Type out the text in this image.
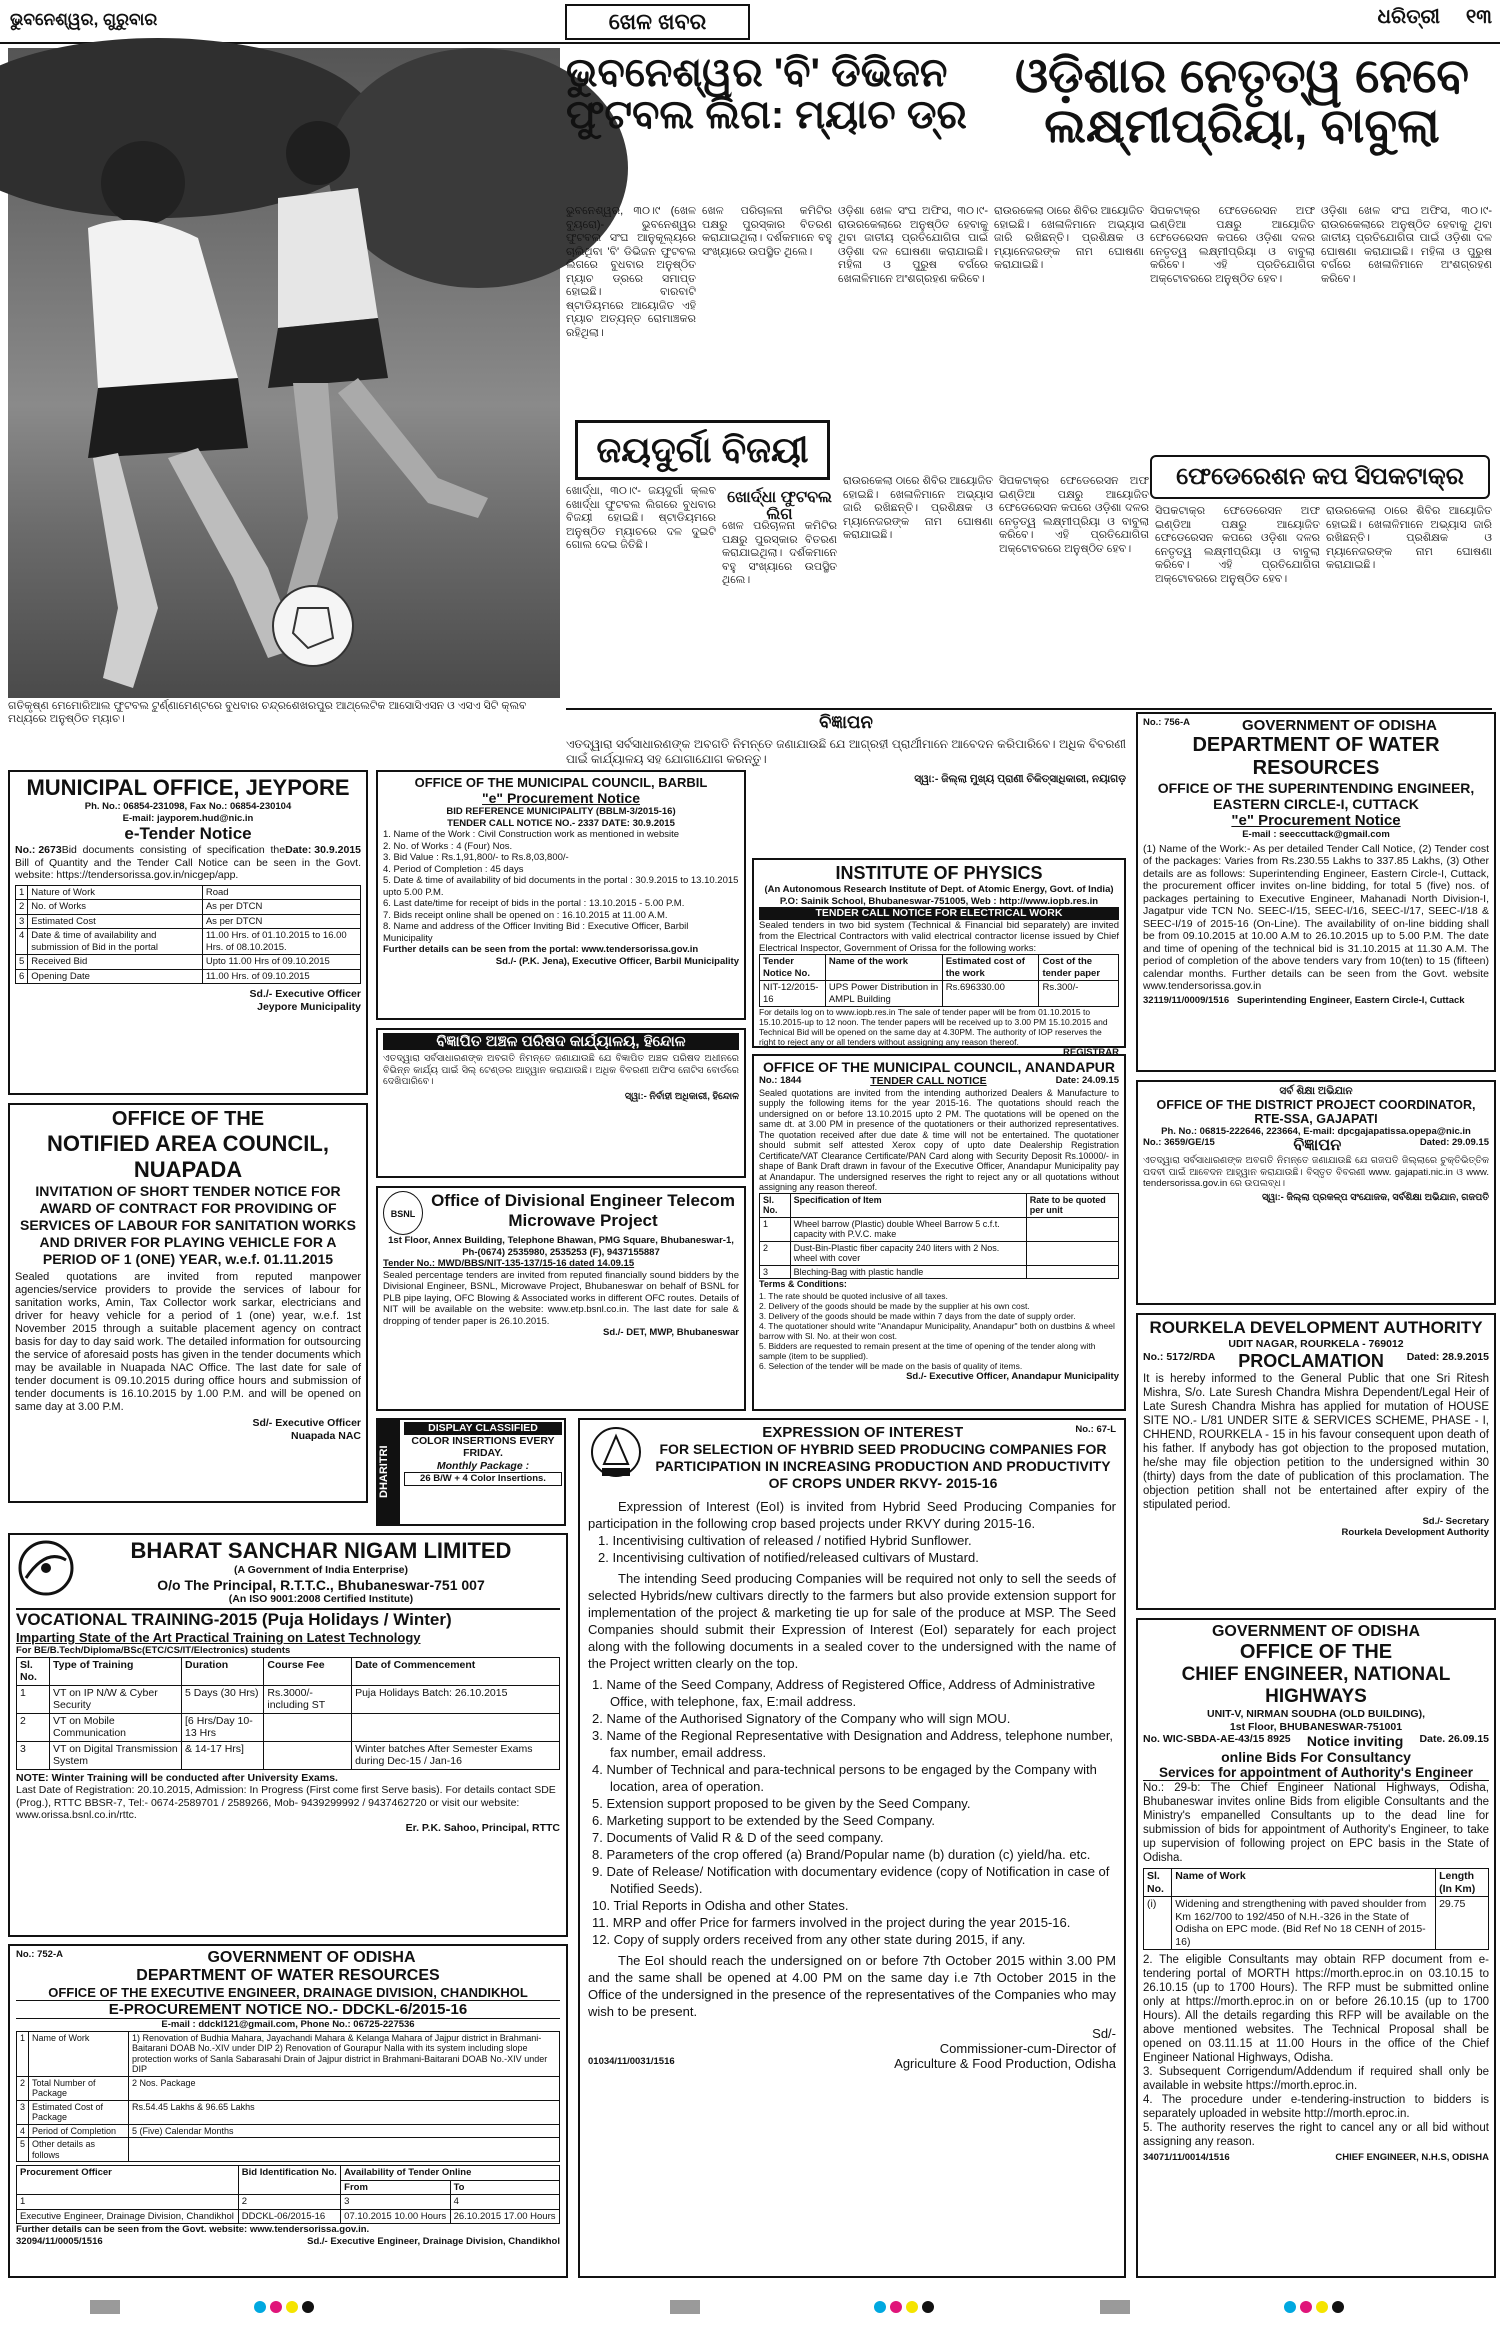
ଭୁବନେଶ୍ୱର, ଗୁରୁବାର	ଖେଳ ଖବର	ଧରିତ୍ରୀ ୧୩
ଗତିକୃଷ୍ଣ ମେମୋରିଆଲ ଫୁଟବଲ ଟୁର୍ଣ୍ଣାମେଣ୍ଟରେ ବୁଧବାର ଚନ୍ଦ୍ରଶେଖରପୁର ଆଥ୍ଲେଟିକ ଆସୋସିଏସନ ଓ ଏସଏ ସିଟି କ୍ଲବ ମଧ୍ୟରେ ଅନୁଷ୍ଠିତ ମ୍ୟାଚ।
ଭୁବନେଶ୍ୱର 'ବି' ଡିଭିଜନ ଫୁଟବଲ ଲିଗ: ମ୍ୟାଚ ଡ୍ର
ଓଡ଼ିଶାର ନେତୃତ୍ୱ ନେବେ ଲକ୍ଷ୍ମୀପ୍ରିୟା, ବାବୁଲା
ଭୁବନେଶ୍ୱର, ୩୦।୯ (ଖେଳ ବ୍ୟୁରୋ)- ଭୁବନେଶ୍ୱର ଫୁଟବଲ ସଂଘ ଆନୁକୂଲ୍ୟରେ ଚାଲିଥିବା 'ବି' ଡିଭିଜନ ଫୁଟବଲ ଲିଗରେ ବୁଧବାର ଅନୁଷ୍ଠିତ ମ୍ୟାଚ ଡ୍ରରେ ସମାପ୍ତ ହୋଇଛି। ବାରବାଟି ଷ୍ଟାଡିୟମରେ ଆୟୋଜିତ ଏହି ମ୍ୟାଚ ଅତ୍ୟନ୍ତ ରୋମାଞ୍ଚକର ରହିଥିଲା।
ଖେଳ ପରିଚାଳନା କମିଟିର ପକ୍ଷରୁ ପୁରସ୍କାର ବିତରଣ କରାଯାଇଥିଲା। ଦର୍ଶକମାନେ ବହୁ ସଂଖ୍ୟାରେ ଉପସ୍ଥିତ ଥିଲେ।
ଓଡ଼ିଶା ଖେଳ ସଂଘ ଅଫିସ, ୩୦।୯- ରାଉରକେଲାରେ ଅନୁଷ୍ଠିତ ହେବାକୁ ଥିବା ଜାତୀୟ ପ୍ରତିଯୋଗିତା ପାଇଁ ଓଡ଼ିଶା ଦଳ ଘୋଷଣା କରାଯାଇଛି। ମହିଳା ଓ ପୁରୁଷ ବର୍ଗରେ ଖେଳାଳିମାନେ ଅଂଶଗ୍ରହଣ କରିବେ।
ରାଉରକେଲା ଠାରେ ଶିବିର ଆୟୋଜିତ ହୋଇଛି। ଖେଳାଳିମାନେ ଅଭ୍ୟାସ ଜାରି ରଖିଛନ୍ତି। ପ୍ରଶିକ୍ଷକ ଓ ମ୍ୟାନେଜରଙ୍କ ନାମ ଘୋଷଣା କରାଯାଇଛି।
ସିପକଟାକ୍ର ଫେଡେରେସନ ଅଫ ଇଣ୍ଡିଆ ପକ୍ଷରୁ ଆୟୋଜିତ ଫେଡେରେସନ କପରେ ଓଡ଼ିଶା ଦଳର ନେତୃତ୍ୱ ଲକ୍ଷ୍ମୀପ୍ରିୟା ଓ ବାବୁଲା କରିବେ। ଏହି ପ୍ରତିଯୋଗିତା ଅକ୍ଟୋବରରେ ଅନୁଷ୍ଠିତ ହେବ।
ଓଡ଼ିଶା ଖେଳ ସଂଘ ଅଫିସ, ୩୦।୯- ରାଉରକେଲାରେ ଅନୁଷ୍ଠିତ ହେବାକୁ ଥିବା ଜାତୀୟ ପ୍ରତିଯୋଗିତା ପାଇଁ ଓଡ଼ିଶା ଦଳ ଘୋଷଣା କରାଯାଇଛି। ମହିଳା ଓ ପୁରୁଷ ବର୍ଗରେ ଖେଳାଳିମାନେ ଅଂଶଗ୍ରହଣ କରିବେ।
ଜୟଦୁର୍ଗା ବିଜୟୀ
ଖୋର୍ଦ୍ଧା, ୩୦।୯- ଜୟଦୁର୍ଗା କ୍ଲବ ଖୋର୍ଦ୍ଧା ଫୁଟବଲ ଲିଗରେ ବୁଧବାର ବିଜୟୀ ହୋଇଛି। ଷ୍ଟାଡିୟମରେ ଅନୁଷ୍ଠିତ ମ୍ୟାଚରେ ଦଳ ଦୁଇଟି ଗୋଲ ଦେଇ ଜିତିଛି।
ଖୋର୍ଦ୍ଧା ଫୁଟବଲ ଲିଗ
ଖେଳ ପରିଚାଳନା କମିଟିର ପକ୍ଷରୁ ପୁରସ୍କାର ବିତରଣ କରାଯାଇଥିଲା। ଦର୍ଶକମାନେ ବହୁ ସଂଖ୍ୟାରେ ଉପସ୍ଥିତ ଥିଲେ।
ରାଉରକେଲା ଠାରେ ଶିବିର ଆୟୋଜିତ ହୋଇଛି। ଖେଳାଳିମାନେ ଅଭ୍ୟାସ ଜାରି ରଖିଛନ୍ତି। ପ୍ରଶିକ୍ଷକ ଓ ମ୍ୟାନେଜରଙ୍କ ନାମ ଘୋଷଣା କରାଯାଇଛି।
ସିପକଟାକ୍ର ଫେଡେରେସନ ଅଫ ଇଣ୍ଡିଆ ପକ୍ଷରୁ ଆୟୋଜିତ ଫେଡେରେସନ କପରେ ଓଡ଼ିଶା ଦଳର ନେତୃତ୍ୱ ଲକ୍ଷ୍ମୀପ୍ରିୟା ଓ ବାବୁଲା କରିବେ। ଏହି ପ୍ରତିଯୋଗିତା ଅକ୍ଟୋବରରେ ଅନୁଷ୍ଠିତ ହେବ।
ଫେଡେରେଶନ କପ ସିପକଟାକ୍ର
ସିପକଟାକ୍ର ଫେଡେରେସନ ଅଫ ଇଣ୍ଡିଆ ପକ୍ଷରୁ ଆୟୋଜିତ ଫେଡେରେସନ କପରେ ଓଡ଼ିଶା ଦଳର ନେତୃତ୍ୱ ଲକ୍ଷ୍ମୀପ୍ରିୟା ଓ ବାବୁଲା କରିବେ। ଏହି ପ୍ରତିଯୋଗିତା ଅକ୍ଟୋବରରେ ଅନୁଷ୍ଠିତ ହେବ।
ରାଉରକେଲା ଠାରେ ଶିବିର ଆୟୋଜିତ ହୋଇଛି। ଖେଳାଳିମାନେ ଅଭ୍ୟାସ ଜାରି ରଖିଛନ୍ତି। ପ୍ରଶିକ୍ଷକ ଓ ମ୍ୟାନେଜରଙ୍କ ନାମ ଘୋଷଣା କରାଯାଇଛି।
ବିଜ୍ଞାପନ
ଏତଦ୍ୱାରା ସର୍ବସାଧାରଣଙ୍କ ଅବଗତି ନିମନ୍ତେ ଜଣାଯାଉଛି ଯେ ଆଗ୍ରହୀ ପ୍ରାର୍ଥୀମାନେ ଆବେଦନ କରିପାରିବେ। ଅଧିକ ବିବରଣୀ ପାଇଁ କାର୍ଯ୍ୟାଳୟ ସହ ଯୋଗାଯୋଗ କରନ୍ତୁ।
ସ୍ୱା:- ଜିଲ୍ଲା ମୁଖ୍ୟ ପ୍ରାଣୀ ଚିକିତ୍ସାଧିକାରୀ, ନୟାଗଡ଼
No.: 756-A	GOVERNMENT OF ODISHA
DEPARTMENT OF WATER RESOURCES
OFFICE OF THE SUPERINTENDING ENGINEER, EASTERN CIRCLE-I, CUTTACK
"e" Procurement Notice
E-mail : seeccuttack@gmail.com
(1) Name of the Work:- As per detailed Tender Call Notice, (2) Tender cost of the packages: Varies from Rs.230.55 Lakhs to 337.85 Lakhs, (3) Other details are as follows: Superintending Engineer, Eastern Circle-I, Cuttack, the procurement officer invites on-line bidding, for total 5 (five) nos. of packages pertaining to Executive Engineer, Mahanadi North Division-I, Jagatpur vide TCN No. SEEC-I/15, SEEC-I/16, SEEC-I/17, SEEC-I/18 & SEEC-I/19 of 2015-16 (On-Line). The availability of on-line bidding shall be from 09.10.2015 at 10.00 A.M to 26.10.2015 up to 5.00 P.M. The date and time of opening of the technical bid is 31.10.2015 at 11.30 A.M. The period of completion of the above tenders vary from 10(ten) to 15 (fifteen) calendar months. Further details can be seen from the Govt. website www.tendersorissa.gov.in
32119/11/0009/1516 Superintending Engineer, Eastern Circle-I, Cuttack
MUNICIPAL OFFICE, JEYPORE
Ph. No.: 06854-231098, Fax No.: 06854-230104
E-mail: jayporem.hud@nic.in
e-Tender Notice
No.: 2673	Date: 30.9.2015
Bid documents consisting of specification the Bill of Quantity and the Tender Call Notice can be seen in the Govt. website: https://tendersorissa.gov.in/nicgep/app.
1	Nature of Work	Road
2	No. of Works	As per DTCN
3	Estimated Cost	As per DTCN
4	Date & time of availability and submission of Bid in the portal	11.00 Hrs. of 01.10.2015 to 16.00 Hrs. of 08.10.2015.
5	Received Bid	Upto 11.00 Hrs of 09.10.2015
6	Opening Date	11.00 Hrs. of 09.10.2015
Sd./- Executive Officer
Jeypore Municipality
OFFICE OF THE MUNICIPAL COUNCIL, BARBIL
"e" Procurement Notice
BID REFERENCE MUNICIPALITY (BBLM-3/2015-16)
TENDER CALL NOTICE NO.- 2337 DATE: 30.9.2015
1. Name of the Work : Civil Construction work as mentioned in website
2. No. of Works : 4 (Four) Nos.
3. Bid Value : Rs.1,91,800/- to Rs.8,03,800/-
4. Period of Completion : 45 days
5. Date & time of availability of bid documents in the portal : 30.9.2015 to 13.10.2015 upto 5.00 P.M.
6. Last date/time for receipt of bids in the portal : 13.10.2015 - 5.00 P.M.
7. Bids receipt online shall be opened on : 16.10.2015 at 11.00 A.M.
8. Name and address of the Officer Inviting Bid : Executive Officer, Barbil Municipality
Further details can be seen from the portal: www.tendersorissa.gov.in
Sd./- (P.K. Jena), Executive Officer, Barbil Municipality
INSTITUTE OF PHYSICS
(An Autonomous Research Institute of Dept. of Atomic Energy, Govt. of India)
P.O: Sainik School, Bhubaneswar-751005, Web : http://www.iopb.res.in
TENDER CALL NOTICE FOR ELECTRICAL WORK
Sealed tenders in two bid system (Technical & Financial bid separately) are invited from the Electrical Contractors with valid electrical contractor license issued by Chief Electrical Inspector, Government of Orissa for the following works:
Tender Notice No.	Name of the work	Estimated cost of the work	Cost of the tender paper
NIT-12/2015-16	UPS Power Distribution in AMPL Building	Rs.696330.00	Rs.300/-
For details log on to www.iopb.res.in The sale of tender paper will be from 01.10.2015 to 15.10.2015-up to 12 noon. The tender papers will be received up to 3.00 PM 15.10.2015 and Technical Bid will be opened on the same day at 4.30PM. The authority of IOP reserves the right to reject any or all tenders without assigning any reason thereof.
REGISTRAR
OFFICE OF THE
NOTIFIED AREA COUNCIL, NUAPADA
INVITATION OF SHORT TENDER NOTICE FOR AWARD OF CONTRACT FOR PROVIDING OF SERVICES OF LABOUR FOR SANITATION WORKS AND DRIVER FOR PLAYING VEHICLE FOR A PERIOD OF 1 (ONE) YEAR, w.e.f. 01.11.2015
Sealed quotations are invited from reputed manpower agencies/service providers to provide the services of labour for sanitation works, Amin, Tax Collector work sarkar, electricians and driver for heavy vehicle for a period of 1 (one) year, w.e.f. 1st November 2015 through a suitable placement agency on contract basis for day to day said work. The detailed information for outsourcing the service of aforesaid posts has given in the tender documents which may be available in Nuapada NAC Office. The last date for sale of tender document is 09.10.2015 during office hours and submission of tender documents is 16.10.2015 by 1.00 P.M. and will be opened on same day at 3.00 P.M.
Sd/- Executive Officer
Nuapada NAC
ବିଜ୍ଞାପିତ ଅଞ୍ଚଳ ପରିଷଦ କାର୍ଯ୍ୟାଳୟ, ହିନ୍ଦୋଳ
ଏତଦ୍ୱାରା ସର୍ବସାଧାରଣଙ୍କ ଅବଗତି ନିମନ୍ତେ ଜଣାଯାଉଛି ଯେ ବିଜ୍ଞାପିତ ଅଞ୍ଚଳ ପରିଷଦ ଅଧୀନରେ ବିଭିନ୍ନ କାର୍ଯ୍ୟ ପାଇଁ ସିଲ୍ ଟେଣ୍ଡର ଆହ୍ୱାନ କରାଯାଉଛି। ଅଧିକ ବିବରଣୀ ଅଫିସ ନୋଟିସ ବୋର୍ଡରେ ଦେଖିପାରିବେ।
ସ୍ୱା:- ନିର୍ବାହୀ ଅଧିକାରୀ, ହିନ୍ଦୋଳ
BSNL
Office of Divisional Engineer Telecom Microwave Project
1st Floor, Annex Building, Telephone Bhawan, PMG Square, Bhubaneswar-1, Ph-(0674) 2535980, 2535253 (F), 9437155887
Tender No.: MWD/BBS/NIT-135-137/15-16 dated 14.09.15
Sealed percentage tenders are invited from reputed financially sound bidders by the Divisional Engineer, BSNL, Microwave Project, Bhubaneswar on behalf of BSNL for PLB pipe laying, OFC Blowing & Associated works in different OFC routes. Details of NIT will be available on the website: www.etp.bsnl.co.in. The last date for sale & dropping of tender paper is 26.10.2015.
Sd./- DET, MWP, Bhubaneswar
OFFICE OF THE MUNICIPAL COUNCIL, ANANDAPUR
No.: 1844	Date: 24.09.15
TENDER CALL NOTICE
Sealed quotations are invited from the intending authorized Dealers & Manufacture to supply the following items for the year 2015-16. The quotations should reach the undersigned on or before 13.10.2015 upto 2 PM. The quotations will be opened on the same dt. at 3.00 PM in presence of the quotationers or their authorized representatives. The quotation received after due date & time will not be entertained. The quotationer should submit self attested Xerox copy of upto date Dealership Registration Certificate/VAT Clearance Certificate/PAN Card along with Security Deposit Rs.10000/- in shape of Bank Draft drawn in favour of the Executive Officer, Anandapur Municipality pay at Anandapur. The undersigned reserves the right to reject any or all quotations without assigning any reason thereof.
Sl. No.	Specification of Item	Rate to be quoted per unit
1	Wheel barrow (Plastic) double Wheel Barrow 5 c.f.t. capacity with P.V.C. make	
2	Dust-Bin-Plastic fiber capacity 240 liters with 2 Nos. wheel with cover	
3	Bleching-Bag with plastic handle	
Terms & Conditions:
1. The rate should be quoted inclusive of all taxes.
2. Delivery of the goods should be made by the supplier at his own cost.
3. Delivery of the goods should be made within 7 days from the date of supply order.
4. The quotationer should write "Anandapur Municipality, Anandapur" both on dustbins & wheel barrow with Sl. No. at their won cost.
5. Bidders are requested to remain present at the time of opening of the tender along with sample (item to be supplied).
6. Selection of the tender will be made on the basis of quality of items.
Sd./- Executive Officer, Anandapur Municipality
ସର୍ବ ଶିକ୍ଷା ଅଭିଯାନ
OFFICE OF THE DISTRICT PROJECT COORDINATOR, RTE-SSA, GAJAPATI
Ph. No.: 06815-222646, 223664, E-mail: dpcgajapatissa.opepa@nic.in
No.: 3659/GE/15	Dated: 29.09.15
ବିଜ୍ଞାପନ
ଏତଦ୍ୱାରା ସର୍ବସାଧାରଣଙ୍କ ଅବଗତି ନିମନ୍ତେ ଜଣାଯାଉଛି ଯେ ଗଜପତି ଜିଲ୍ଲାରେ ଚୁକ୍ତିଭିତ୍ତିକ ପଦବୀ ପାଇଁ ଆବେଦନ ଆହ୍ୱାନ କରାଯାଉଛି। ବିସ୍ତୃତ ବିବରଣୀ www. gajapati.nic.in ଓ www. tendersorissa.gov.in ରେ ଉପଲବ୍ଧ।
ସ୍ୱା:- ଜିଲ୍ଲା ପ୍ରକଳ୍ପ ସଂଯୋଜକ, ସର୍ବଶିକ୍ଷା ଅଭିଯାନ, ଗଜପତି
DHARITRI
DISPLAY CLASSIFIED
COLOR INSERTIONS EVERY FRIDAY.
Monthly Package :
26 B/W + 4 Color Insertions.
ROURKELA DEVELOPMENT AUTHORITY
UDIT NAGAR, ROURKELA - 769012
No.: 5172/RDA	Dated: 28.9.2015
PROCLAMATION
It is hereby informed to the General Public that one Sri Ritesh Mishra, S/o. Late Suresh Chandra Mishra Dependent/Legal Heir of Late Suresh Chandra Mishra has applied for mutation of HOUSE SITE NO.- L/81 UNDER SITE & SERVICES SCHEME, PHASE - I, CHHEND, ROURKELA - 15 in his favour consequent upon death of his father. If anybody has got objection to the proposed mutation, he/she may file objection petition to the undersigned within 30 (thirty) days from the date of publication of this proclamation. The objection petition shall not be entertained after expiry of the stipulated period.
Sd./- Secretary
Rourkela Development Authority
BHARAT SANCHAR NIGAM LIMITED
(A Government of India Enterprise)
O/o The Principal, R.T.T.C., Bhubaneswar-751 007
(An ISO 9001:2008 Certified Institute)
VOCATIONAL TRAINING-2015 (Puja Holidays / Winter)
Imparting State of the Art Practical Training on Latest Technology
For BE/B.Tech/Diploma/BSc(ETC/CS/IT/Electronics) students
Sl. No.	Type of Training	Duration	Course Fee	Date of Commencement
1	VT on IP N/W & Cyber Security	5 Days (30 Hrs)	Rs.3000/- including ST	Puja Holidays Batch: 26.10.2015
2	VT on Mobile Communication	[6 Hrs/Day 10-13 Hrs		
3	VT on Digital Transmission System	& 14-17 Hrs]		Winter batches After Semester Exams during Dec-15 / Jan-16
NOTE: Winter Training will be conducted after University Exams.
Last Date of Registration: 20.10.2015, Admission: In Progress (First come first Serve basis). For details contact SDE (Prog.), RTTC BBSR-7, Tel:- 0674-2589701 / 2589266, Mob- 9439299992 / 9437462720 or visit our website: www.orissa.bsnl.co.in/rttc.
Er. P.K. Sahoo, Principal, RTTC
No.: 67-L
EXPRESSION OF INTEREST
FOR SELECTION OF HYBRID SEED PRODUCING COMPANIES FOR PARTICIPATION IN INCREASING PRODUCTION AND PRODUCTIVITY OF CROPS UNDER RKVY- 2015-16
Expression of Interest (EoI) is invited from Hybrid Seed Producing Companies for participation in the following crop based projects under RKVY during 2015-16.
1. Incentivising cultivation of released / notified Hybrid Sunflower.
2. Incentivising cultivation of notified/released cultivars of Mustard.
The intending Seed producing Companies will be required not only to sell the seeds of selected Hybrids/new cultivars directly to the farmers but also provide extension support for implementation of the project & marketing tie up for sale of the produce at MSP. The Seed Companies should submit their Expression of Interest (EoI) separately for each project along with the following documents in a sealed cover to the undersigned with the name of the Project written clearly on the top.
1. Name of the Seed Company, Address of Registered Office, Address of Administrative Office, with telephone, fax, E:mail address.
2. Name of the Authorised Signatory of the Company who will sign MOU.
3. Name of the Regional Representative with Designation and Address, telephone number, fax number, email address.
4. Number of Technical and para-technical persons to be engaged by the Company with location, area of operation.
5. Extension support proposed to be given by the Seed Company.
6. Marketing support to be extended by the Seed Company.
7. Documents of Valid R & D of the seed company.
8. Parameters of the crop offered (a) Brand/Popular name (b) duration (c) yield/ha. etc.
9. Date of Release/ Notification with documentary evidence (copy of Notification in case of Notified Seeds).
10. Trial Reports in Odisha and other States.
11. MRP and offer Price for farmers involved in the project during the year 2015-16.
12. Copy of supply orders received from any other state during 2015, if any.
The EoI should reach the undersigned on or before 7th October 2015 within 3.00 PM and the same shall be opened at 4.00 PM on the same day i.e 7th October 2015 in the Office of the undersigned in the presence of the representatives of the Companies who may wish to be present.
Sd/-
Commissioner-cum-Director of
01034/11/0031/1516	Agriculture & Food Production, Odisha
No.: 752-A	GOVERNMENT OF ODISHA
DEPARTMENT OF WATER RESOURCES
OFFICE OF THE EXECUTIVE ENGINEER, DRAINAGE DIVISION, CHANDIKHOL
E-PROCUREMENT NOTICE NO.- DDCKL-6/2015-16
E-mail : ddckl121@gmail.com, Phone No.: 06725-227536
1	Name of Work	1) Renovation of Budhia Mahara, Jayachandi Mahara & Kelanga Mahara of Jajpur district in Brahmani-Baitarani DOAB No.-XIV under DIP 2) Renovation of Gourapur Nalla with its system including slope protection works of Sanla Sabarasahi Drain of Jajpur district in Brahmani-Baitarani DOAB No.-XIV under DIP
2	Total Number of Package	2 Nos. Package
3	Estimated Cost of Package	Rs.54.45 Lakhs & 96.65 Lakhs
4	Period of Completion	5 (Five) Calendar Months
5	Other details as follows	
Procurement Officer	Bid Identification No.	Availability of Tender Online	
		From	To
1	2	3	4
Executive Engineer, Drainage Division, Chandikhol	DDCKL-06/2015-16	07.10.2015 10.00 Hours	26.10.2015 17.00 Hours
Further details can be seen from the Govt. website: www.tendersorissa.gov.in.
32094/11/0005/1516	Sd./- Executive Engineer, Drainage Division, Chandikhol
GOVERNMENT OF ODISHA
OFFICE OF THE
CHIEF ENGINEER, NATIONAL HIGHWAYS
UNIT-V, NIRMAN SOUDHA (OLD BUILDING),
1st Floor, BHUBANESWAR-751001
No. WIC-SBDA-AE-43/15 8925	Date. 26.09.15
Notice inviting online Bids For Consultancy
Services for appointment of Authority's Engineer
No.: 29-b: The Chief Engineer National Highways, Odisha, Bhubaneswar invites online Bids from eligible Consultants and the Ministry's empanelled Consultants up to the dead line for submission of bids for appointment of Authority's Engineer, to take up supervision of following project on EPC basis in the State of Odisha.
Sl. No.	Name of Work	Length (In Km)
(i)	Widening and strengthening with paved shoulder from Km 162/700 to 192/450 of N.H.-326 in the State of Odisha on EPC mode. (Bid Ref No 18 CENH of 2015-16)	29.75
2. The eligible Consultants may obtain RFP document from e-tendering portal of MORTH https://morth.eproc.in on 03.10.15 to 26.10.15 (up to 1700 Hours). The RFP must be submitted online only at https://morth.eproc.in on or before 26.10.15 (up to 1700 Hours). All the details regarding this RFP will be available on the above mentioned websites. The Technical Proposal shall be opened on 03.11.15 at 11.00 Hours in the office of the Chief Engineer National Highways, Odisha.
3. Subsequent Corrigendum/Addendum if required shall only be available in website https://morth.eproc.in.
4. The procedure under e-tendering-instruction to bidders is separately uploaded in website http://morth.eproc.in.
5. The authority reserves the right to cancel any or all bid without assigning any reason.
34071/11/0014/1516	CHIEF ENGINEER, N.H.S, ODISHA
